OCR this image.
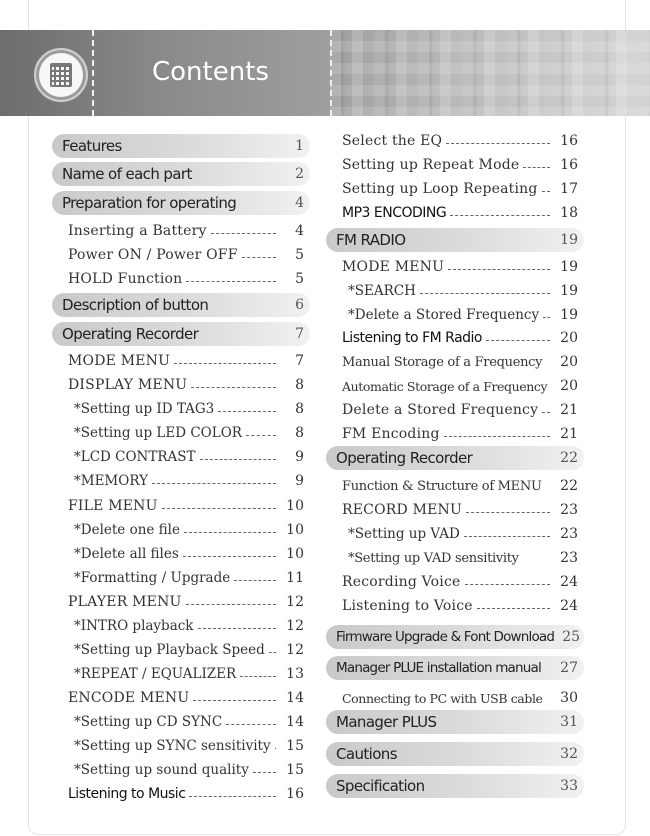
Contents
Features	1
Name of each part	2
Preparation for operating	4
Inserting a Battery	4
Power ON / Power OFF	5
HOLD Function	5
Description of button	6
Operating Recorder	7
MODE MENU	7
DISPLAY MENU	8
*Setting up ID TAG3	8
*Setting up LED COLOR	8
*LCD CONTRAST	9
*MEMORY	9
FILE MENU	10
*Delete one file	10
*Delete all files	10
*Formatting / Upgrade	11
PLAYER MENU	12
*INTRO playback	12
*Setting up Playback Speed	12
*REPEAT / EQUALIZER	13
ENCODE MENU	14
*Setting up CD SYNC	14
*Setting up SYNC sensitivity	15
*Setting up sound quality	15
Listening to Music	16
Select the EQ	16
Setting up Repeat Mode	16
Setting up Loop Repeating	17
MP3 ENCODING	18
FM RADIO	19
MODE MENU	19
*SEARCH	19
*Delete a Stored Frequency	19
Listening to FM Radio	20
Manual Storage of a Frequency	20
Automatic Storage of a Frequency 20
Delete a Stored Frequency	21
FM Encoding	21
Operating Recorder	22
Function & Structure of MENU	22
RECORD MENU	23
*Setting up VAD	23
*Setting up VAD sensitivity	23
Recording Voice	24
Listening to Voice	24
Firmware Upgrade & Font Download 25
Manager PLUE installation manual	27
Connecting to PC with USB cable	30
Manager PLUS	31
Cautions	32
Specification	33
